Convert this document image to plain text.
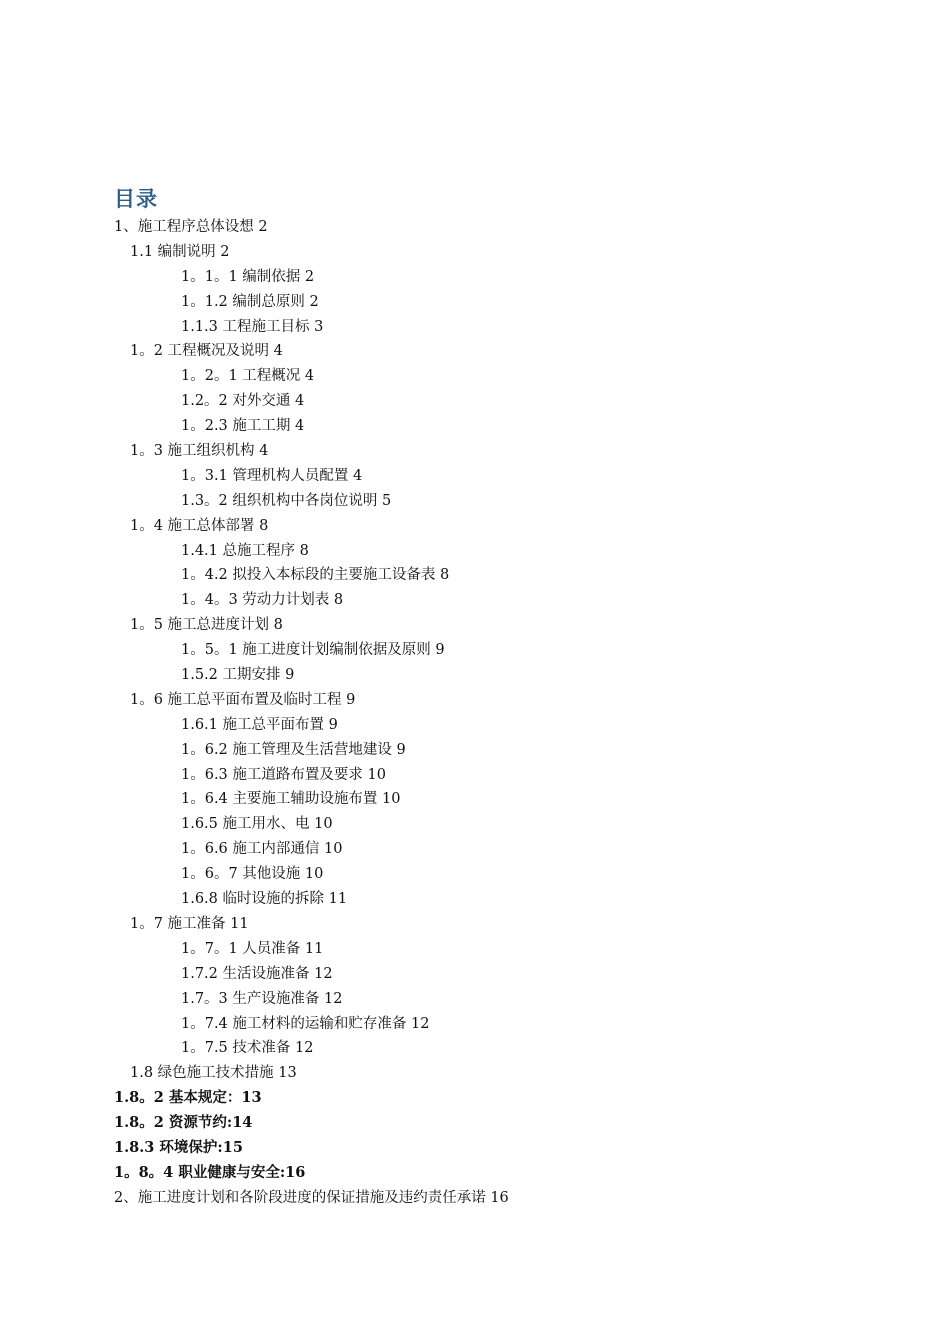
目录
1、施工程序总体设想 2
1.1 编制说明 2
1。1。1 编制依据 2
1。1.2 编制总原则 2
1.1.3 工程施工目标 3
1。2 工程概况及说明 4
1。2。1 工程概况 4
1.2。2 对外交通 4
1。2.3 施工工期 4
1。3 施工组织机构 4
1。3.1 管理机构人员配置 4
1.3。2 组织机构中各岗位说明 5
1。4 施工总体部署 8
1.4.1 总施工程序 8
1。4.2 拟投入本标段的主要施工设备表 8
1。4。3 劳动力计划表 8
1。5 施工总进度计划 8
1。5。1 施工进度计划编制依据及原则 9
1.5.2 工期安排 9
1。6 施工总平面布置及临时工程 9
1.6.1 施工总平面布置 9
1。6.2 施工管理及生活营地建设 9
1。6.3 施工道路布置及要求 10
1。6.4 主要施工辅助设施布置 10
1.6.5 施工用水、电 10
1。6.6 施工内部通信 10
1。6。7 其他设施 10
1.6.8 临时设施的拆除 11
1。7 施工准备 11
1。7。1 人员准备 11
1.7.2 生活设施准备 12
1.7。3 生产设施准备 12
1。7.4 施工材料的运输和贮存准备 12
1。7.5 技术准备 12
1.8 绿色施工技术措施 13
1.8。2 基本规定：13
1.8。2 资源节约:14
1.8.3 环境保护:15
1。8。4 职业健康与安全:16
2、施工进度计划和各阶段进度的保证措施及违约责任承诺 16
